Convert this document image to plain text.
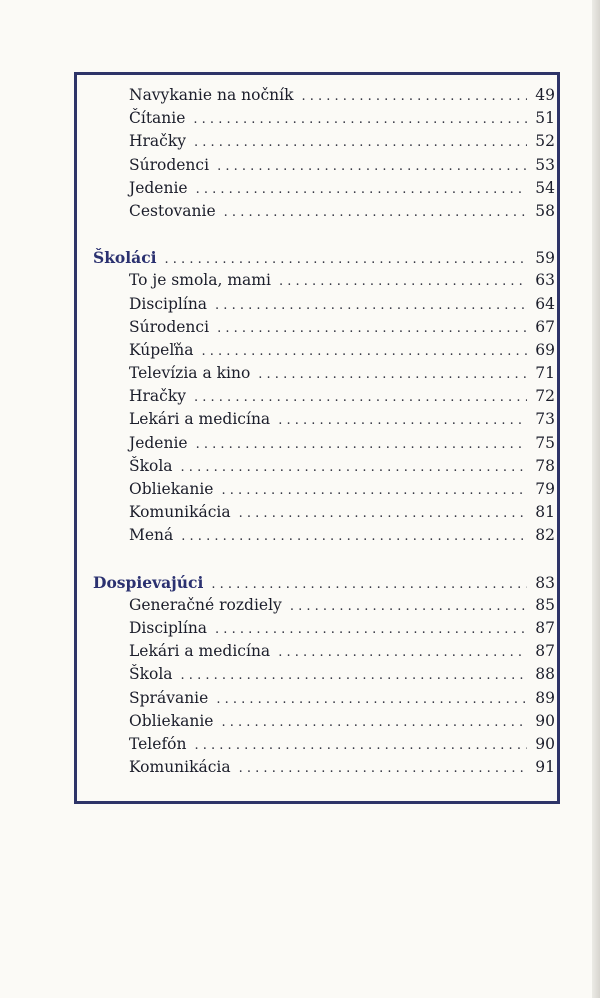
Navykanie na nočník . . .	49
Čítanie . . .	51
Hračky . . .	52
Súrodenci . . .	53
Jedenie . . .	54
Cestovanie . . .	58
Školáci . . .	59
To je smola, mami . . .	63
Disciplína . . .	64
Súrodenci . . .	67
Kúpeľňa . . .	69
Televízia a kino . . .	71
Hračky . . .	72
Lekári a medicína . . .	73
Jedenie . . .	75
Škola . . .	78
Obliekanie . . .	79
Komunikácia . . .	81
Mená . . .	82
Dospievajúci . . .	83
Generačné rozdiely . . .	85
Disciplína . . .	87
Lekári a medicína . . .	87
Škola . . .	88
Správanie . . .	89
Obliekanie . . .	90
Telefón . . .	90
Komunikácia . . .	91
